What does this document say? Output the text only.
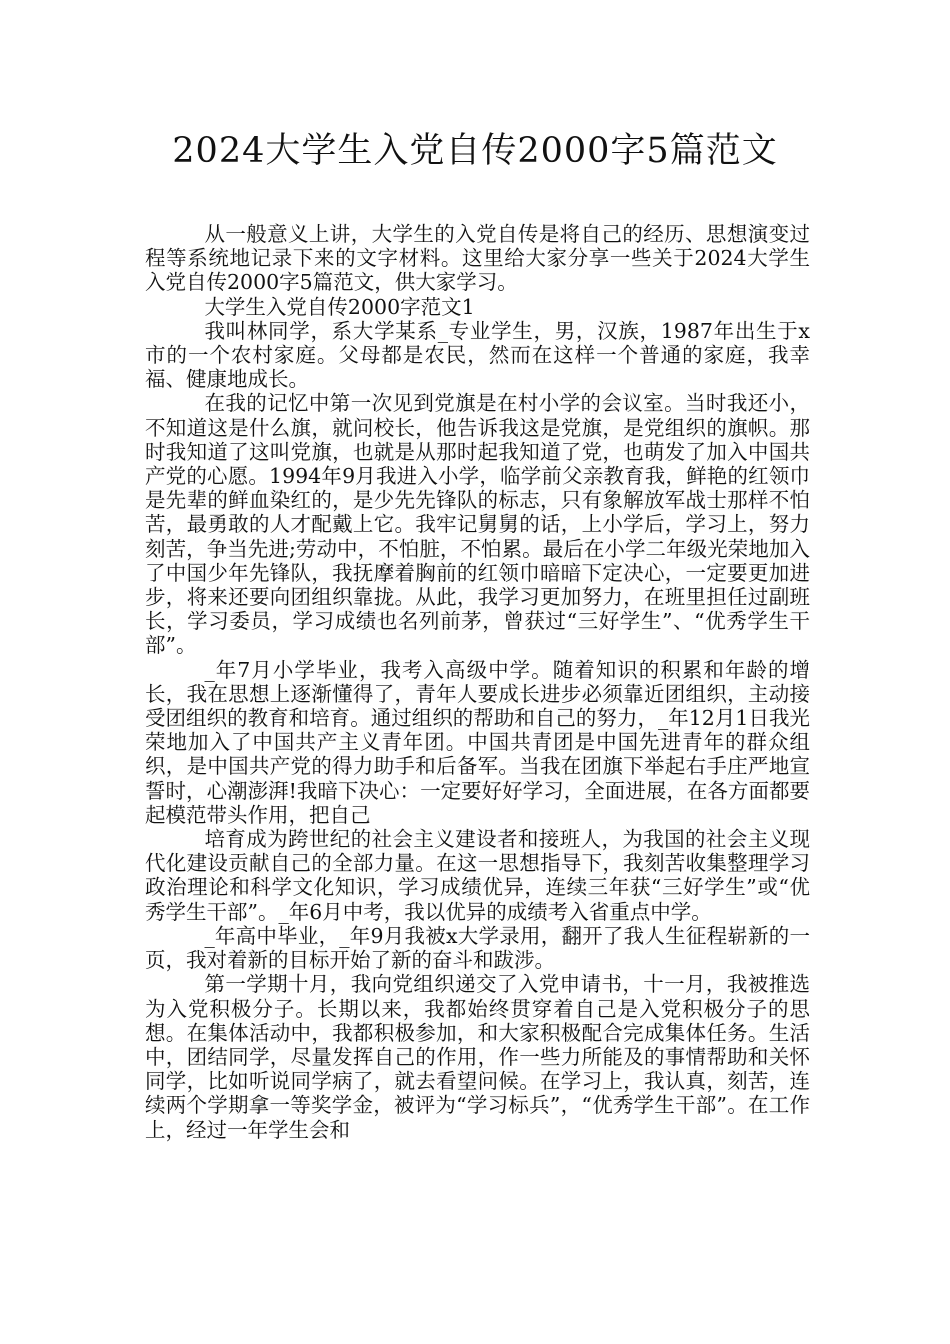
2024大学生入党自传2000字5篇范文

从一般意义上讲，大学生的入党自传是将自己的经历、思想演变过程等系统地记录下来的文字材料。这里给大家分享一些关于2024大学生入党自传2000字5篇范文，供大家学习。

大学生入党自传2000字范文1

我叫林同学，系大学某系_专业学生，男，汉族，1987年出生于x市的一个农村家庭。父母都是农民，然而在这样一个普通的家庭，我幸福、健康地成长。

在我的记忆中第一次见到党旗是在村小学的会议室。当时我还小，不知道这是什么旗，就问校长，他告诉我这是党旗，是党组织的旗帜。那时我知道了这叫党旗，也就是从那时起我知道了党，也萌发了加入中国共产党的心愿。1994年9月我进入小学，临学前父亲教育我，鲜艳的红领巾是先辈的鲜血染红的，是少先先锋队的标志，只有象解放军战士那样不怕苦，最勇敢的人才配戴上它。我牢记舅舅的话，上小学后，学习上，努力刻苦，争当先进;劳动中，不怕脏，不怕累。最后在小学二年级光荣地加入了中国少年先锋队，我抚摩着胸前的红领巾暗暗下定决心，一定要更加进步，将来还要向团组织靠拢。从此，我学习更加努力，在班里担任过副班长，学习委员，学习成绩也名列前茅，曾获过“三好学生”、“优秀学生干部”。

_年7月小学毕业，我考入高级中学。随着知识的积累和年龄的增长，我在思想上逐渐懂得了，青年人要成长进步必须靠近团组织，主动接受团组织的教育和培育。通过组织的帮助和自己的努力，_年12月1日我光荣地加入了中国共产主义青年团。中国共青团是中国先进青年的群众组织，是中国共产党的得力助手和后备军。当我在团旗下举起右手庄严地宣誓时，心潮澎湃!我暗下决心：一定要好好学习，全面进展，在各方面都要起模范带头作用，把自己

培育成为跨世纪的社会主义建设者和接班人，为我国的社会主义现代化建设贡献自己的全部力量。在这一思想指导下，我刻苦收集整理学习政治理论和科学文化知识，学习成绩优异，连续三年获“三好学生”或“优秀学生干部”。_年6月中考，我以优异的成绩考入省重点中学。

_年高中毕业，_年9月我被x大学录用，翻开了我人生征程崭新的一页，我对着新的目标开始了新的奋斗和跋涉。

第一学期十月，我向党组织递交了入党申请书，十一月，我被推选为入党积极分子。长期以来，我都始终贯穿着自己是入党积极分子的思想。在集体活动中，我都积极参加，和大家积极配合完成集体任务。生活中，团结同学，尽量发挥自己的作用，作一些力所能及的事情帮助和关怀同学，比如听说同学病了，就去看望问候。在学习上，我认真，刻苦，连续两个学期拿一等奖学金，被评为“学习标兵”，“优秀学生干部”。在工作上，经过一年学生会和
